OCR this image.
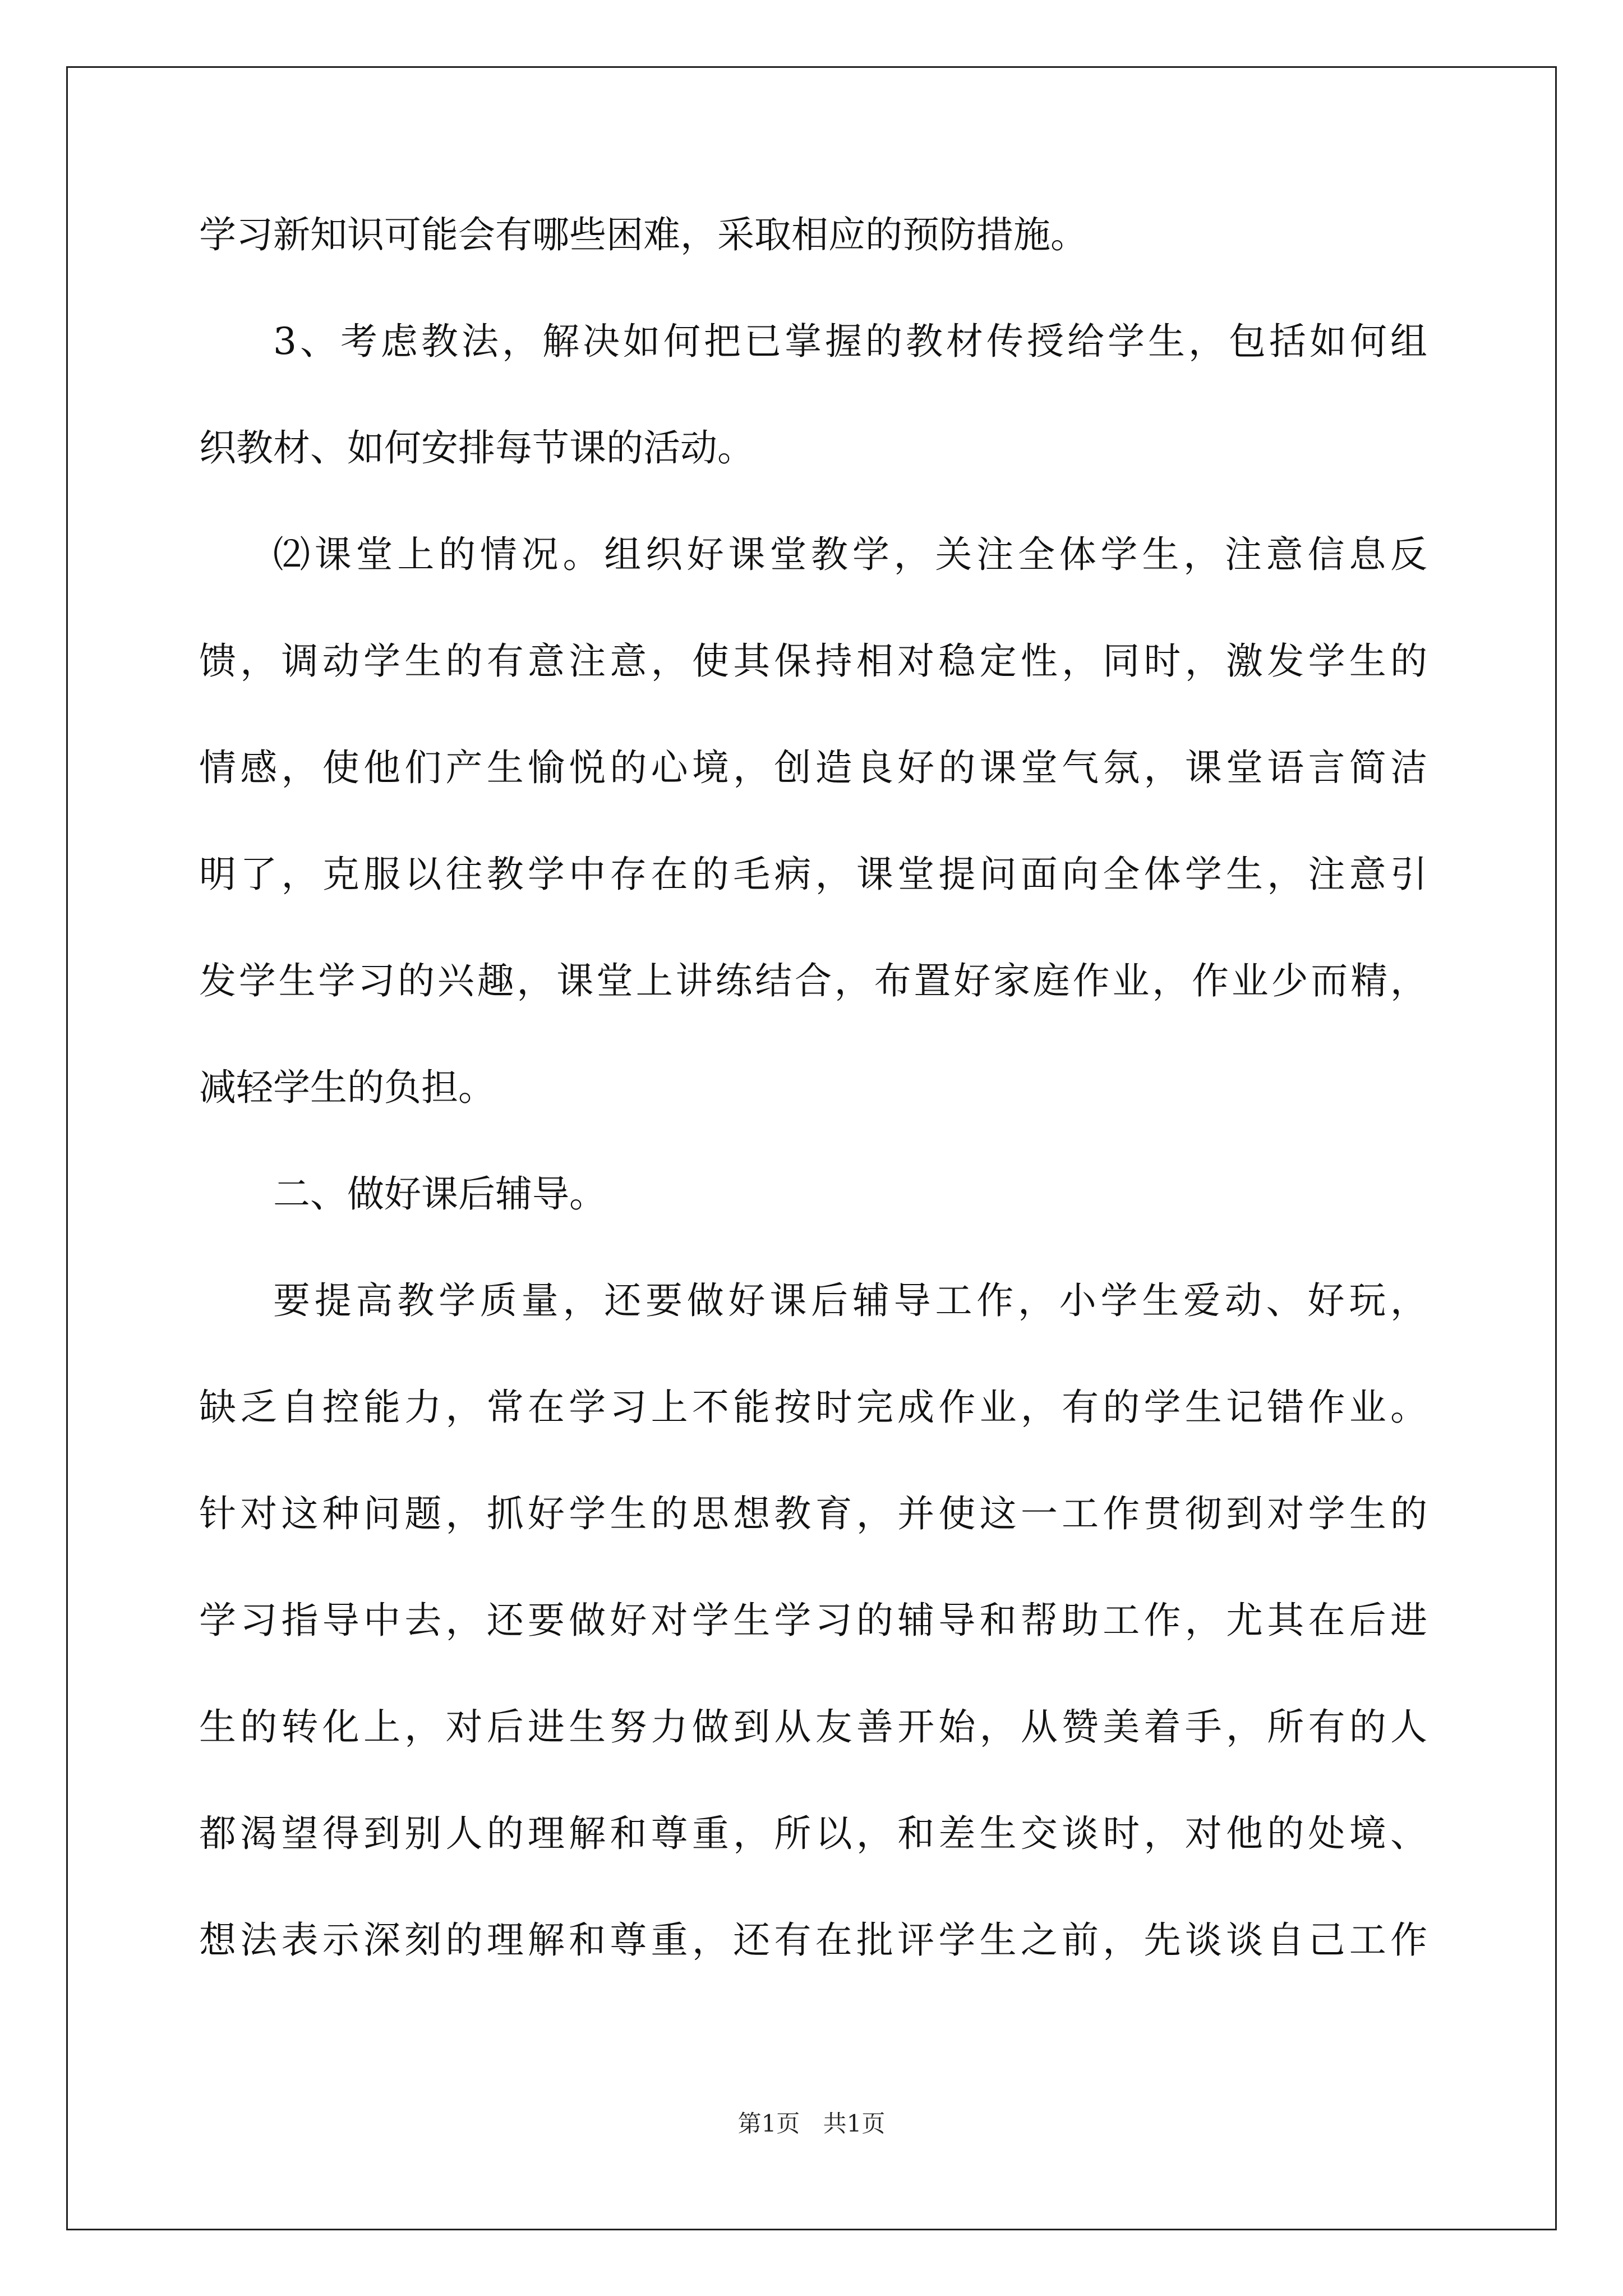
学习新知识可能会有哪些困难，采取相应的预防措施。
3、考虑教法，解决如何把已掌握的教材传授给学生，包括如何组
织教材、如何安排每节课的活动。
⑵课堂上的情况。组织好课堂教学，关注全体学生，注意信息反
馈，调动学生的有意注意，使其保持相对稳定性，同时，激发学生的
情感，使他们产生愉悦的心境，创造良好的课堂气氛，课堂语言简洁
明了，克服以往教学中存在的毛病，课堂提问面向全体学生，注意引
发学生学习的兴趣，课堂上讲练结合，布置好家庭作业，作业少而精，
减轻学生的负担。
二、做好课后辅导。
要提高教学质量，还要做好课后辅导工作，小学生爱动、好玩，
缺乏自控能力，常在学习上不能按时完成作业，有的学生记错作业。
针对这种问题，抓好学生的思想教育，并使这一工作贯彻到对学生的
学习指导中去，还要做好对学生学习的辅导和帮助工作，尤其在后进
生的转化上，对后进生努力做到从友善开始，从赞美着手，所有的人
都渴望得到别人的理解和尊重，所以，和差生交谈时，对他的处境、
想法表示深刻的理解和尊重，还有在批评学生之前，先谈谈自己工作
第1页 共1页
